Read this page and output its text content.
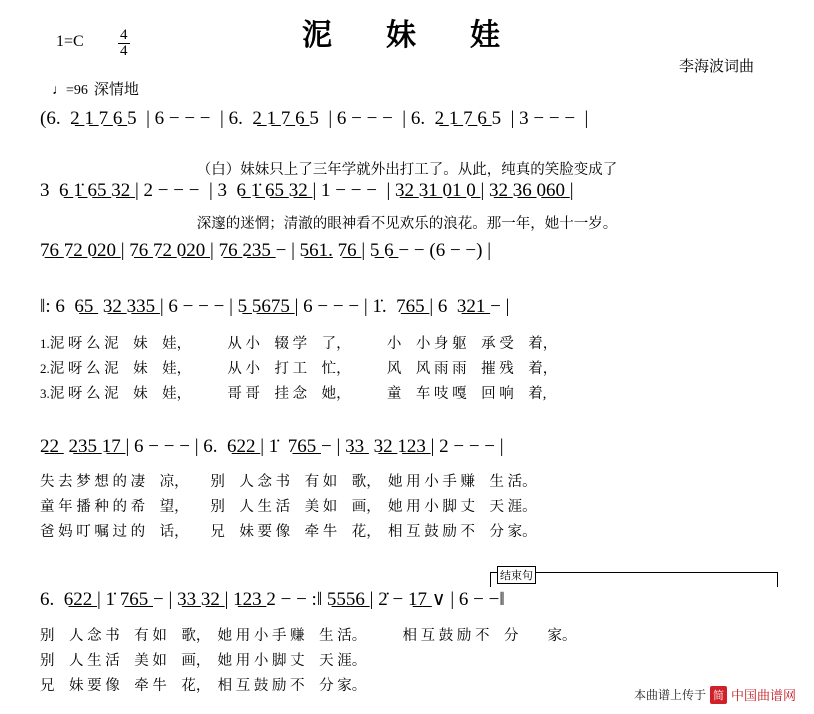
泥　妹　娃
$1=C \frac{4}{4}$
李海波词曲
♩=96 深情地
(6.  2̲ 1̲ 7̲ 6̲ 5  | 6 − − −  | 6.  2̲ 1̲ 7̲ 6̲ 5  | 6 − − −  | 6.  2̲ 1̲ 7̲ 6̲ 5  | 3 − − −  |
（白）妹妹只上了三年学就外出打工了。从此，纯真的笑脸变成了
3  6̲ 1̲̇ 6̲5̲ 3̲2̲ | 2 − − −  | 3  6̲ 1̲̇ 6̲5̲ 3̲2̲ | 1 − − −  | 3̲2̲ 3̲1̲ 0̲1̲ 0̲ | 3̲2̲ 3̲6̲ 0̲6̲0̲ |
深邃的迷惘；清澈的眼神看不见欢乐的浪花。那一年，她十一岁。
7̲6̲ 7̲2̲ 0̲2̲0̲ | 7̲6̲ 7̲2̲ 0̲2̲0̲ | 7̲6̲ 2̲3̲5̲ − | 5̲6̲1̲. 7̲6̲ | 5̲ 6̲ − − (6 − −) |
‖: 6  6̲5̲  3̲2̲ 3̲3̲5̲ | 6 − − − | 5̲ 5̲6̲7̲5̲ | 6 − − − | 1̇.  7̲6̲5̲ | 6  3̲2̲1̲ − |
1.泥 呀 么 泥　妹　娃，　　　从 小　辍 学　了，　　　小　小 身 躯　承 受　着，
2.泥 呀 么 泥　妹　娃，　　　从 小　打 工　忙，　　　风　风 雨 雨　摧 残　着，
3.泥 呀 么 泥　妹　娃，　　　哥 哥　挂 念　她，　　　童　车 吱 嘎　回 响　着,
2̲2̲  2̲3̲5̲ 1̲7̲ | 6 − − − | 6.  6̲2̲2̲ | 1̇  7̲6̲5̲ − | 3̲3̲  3̲2̲ 1̲2̲3̲ | 2 − − − |
失 去 梦 想 的 凄　凉，　　别　人 念 书　有 如　歌，　她 用 小 手 赚　生 活。
童 年 播 种 的 希　望，　　别　人 生 活　美 如　画，　她 用 小 脚 丈　天 涯。
爸 妈 叮 嘱 过 的　话，　　兄　妹 要 像　牵 牛　花，　相 互 鼓 励 不　分 家。
结束句
6.  6̲2̲2̲ | 1̇ 7̲6̲5̲ − | 3̲3̲ 3̲2̲ | 1̲2̲3̲ 2 − − :‖ 5̲5̲5̲6̲ | 2̇ − 1̲7̲ ∨ | 6 − −‖
别　人 念 书　有 如　歌，　她 用 小 手 赚　生 活。　　　相 互 鼓 励 不　分　　家。
别　人 生 活　美 如　画，　她 用 小 脚 丈　天 涯。
兄　妹 要 像　牵 牛　花，　相 互 鼓 励 不　分 家。
本曲谱上传于 简 中国曲谱网
